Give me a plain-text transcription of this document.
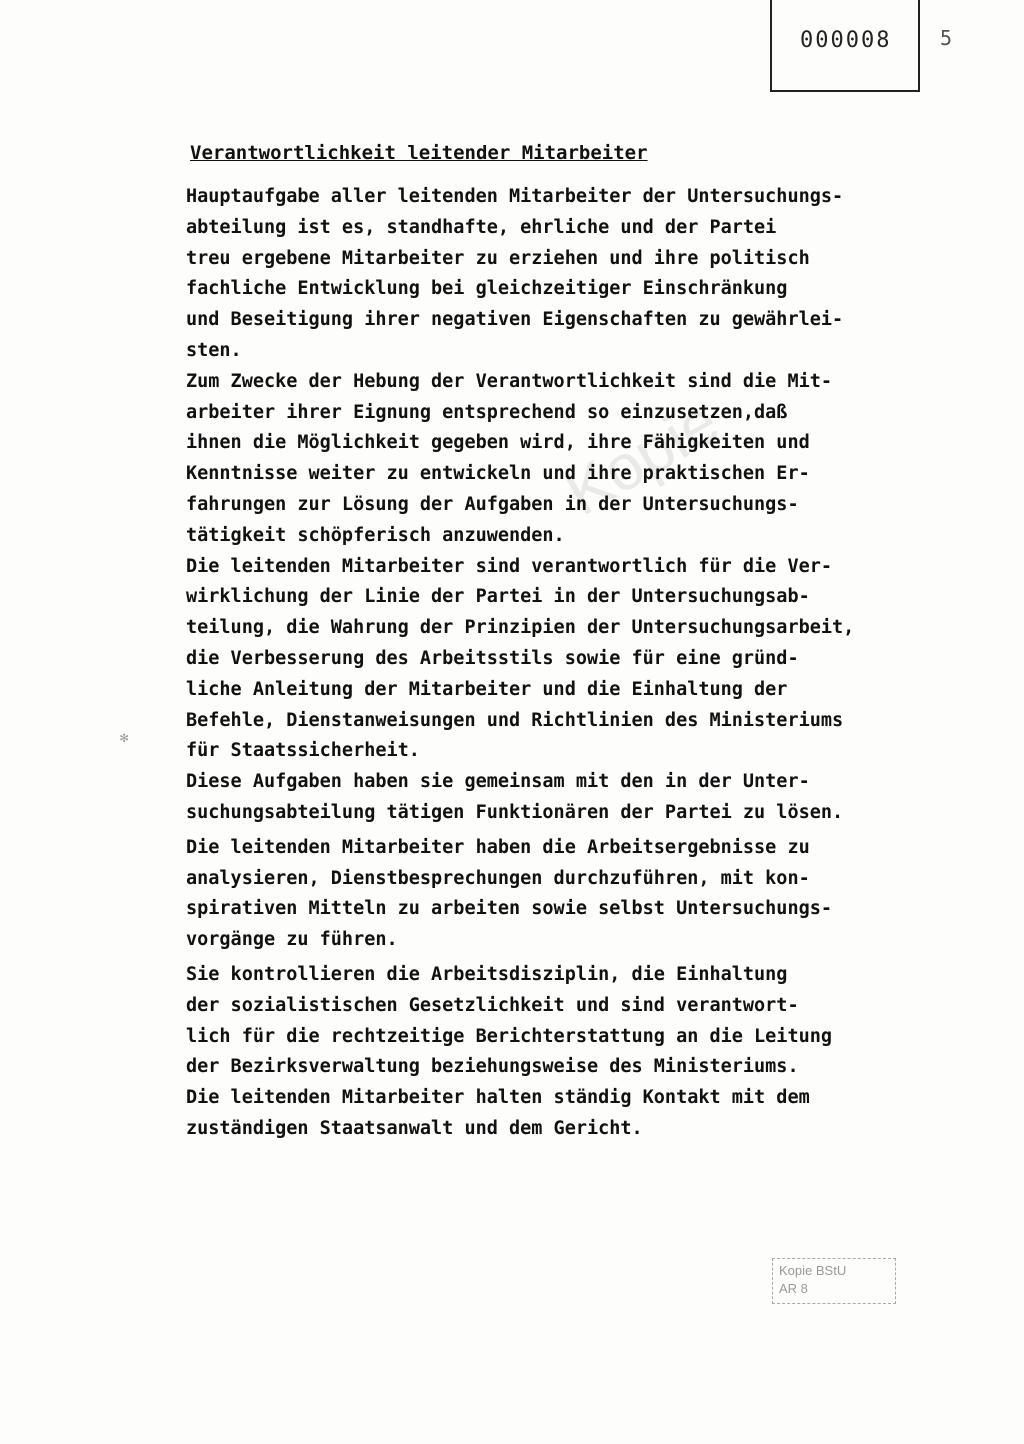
000008 5
Verantwortlichkeit leitender Mitarbeiter
Hauptaufgabe aller leitenden Mitarbeiter der Untersuchungs-
abteilung ist es, standhafte, ehrliche und der Partei
treu ergebene Mitarbeiter zu erziehen und ihre politisch
fachliche Entwicklung bei gleichzeitiger Einschränkung
und Beseitigung ihrer negativen Eigenschaften zu gewährlei-
sten.
Zum Zwecke der Hebung der Verantwortlichkeit sind die Mit-
arbeiter ihrer Eignung entsprechend so einzusetzen,daß
ihnen die Möglichkeit gegeben wird, ihre Fähigkeiten und
Kenntnisse weiter zu entwickeln und ihre praktischen Er-
fahrungen zur Lösung der Aufgaben in der Untersuchungs-
tätigkeit schöpferisch anzuwenden.
Die leitenden Mitarbeiter sind verantwortlich für die Ver-
wirklichung der Linie der Partei in der Untersuchungsab-
teilung, die Wahrung der Prinzipien der Untersuchungsarbeit,
die Verbesserung des Arbeitsstils sowie für eine gründ-
liche Anleitung der Mitarbeiter und die Einhaltung der
Befehle, Dienstanweisungen und Richtlinien des Ministeriums
für Staatssicherheit.
Diese Aufgaben haben sie gemeinsam mit den in der Unter-
suchungsabteilung tätigen Funktionären der Partei zu lösen.
Die leitenden Mitarbeiter haben die Arbeitsergebnisse zu
analysieren, Dienstbesprechungen durchzuführen, mit kon-
spirativen Mitteln zu arbeiten sowie selbst Untersuchungs-
vorgänge zu führen.
Sie kontrollieren die Arbeitsdisziplin, die Einhaltung
der sozialistischen Gesetzlichkeit und sind verantwort-
lich für die rechtzeitige Berichterstattung an die Leitung
der Bezirksverwaltung beziehungsweise des Ministeriums.
Die leitenden Mitarbeiter halten ständig Kontakt mit dem
zuständigen Staatsanwalt und dem Gericht.
Kopie
✻
Kopie BStU
AR 8
